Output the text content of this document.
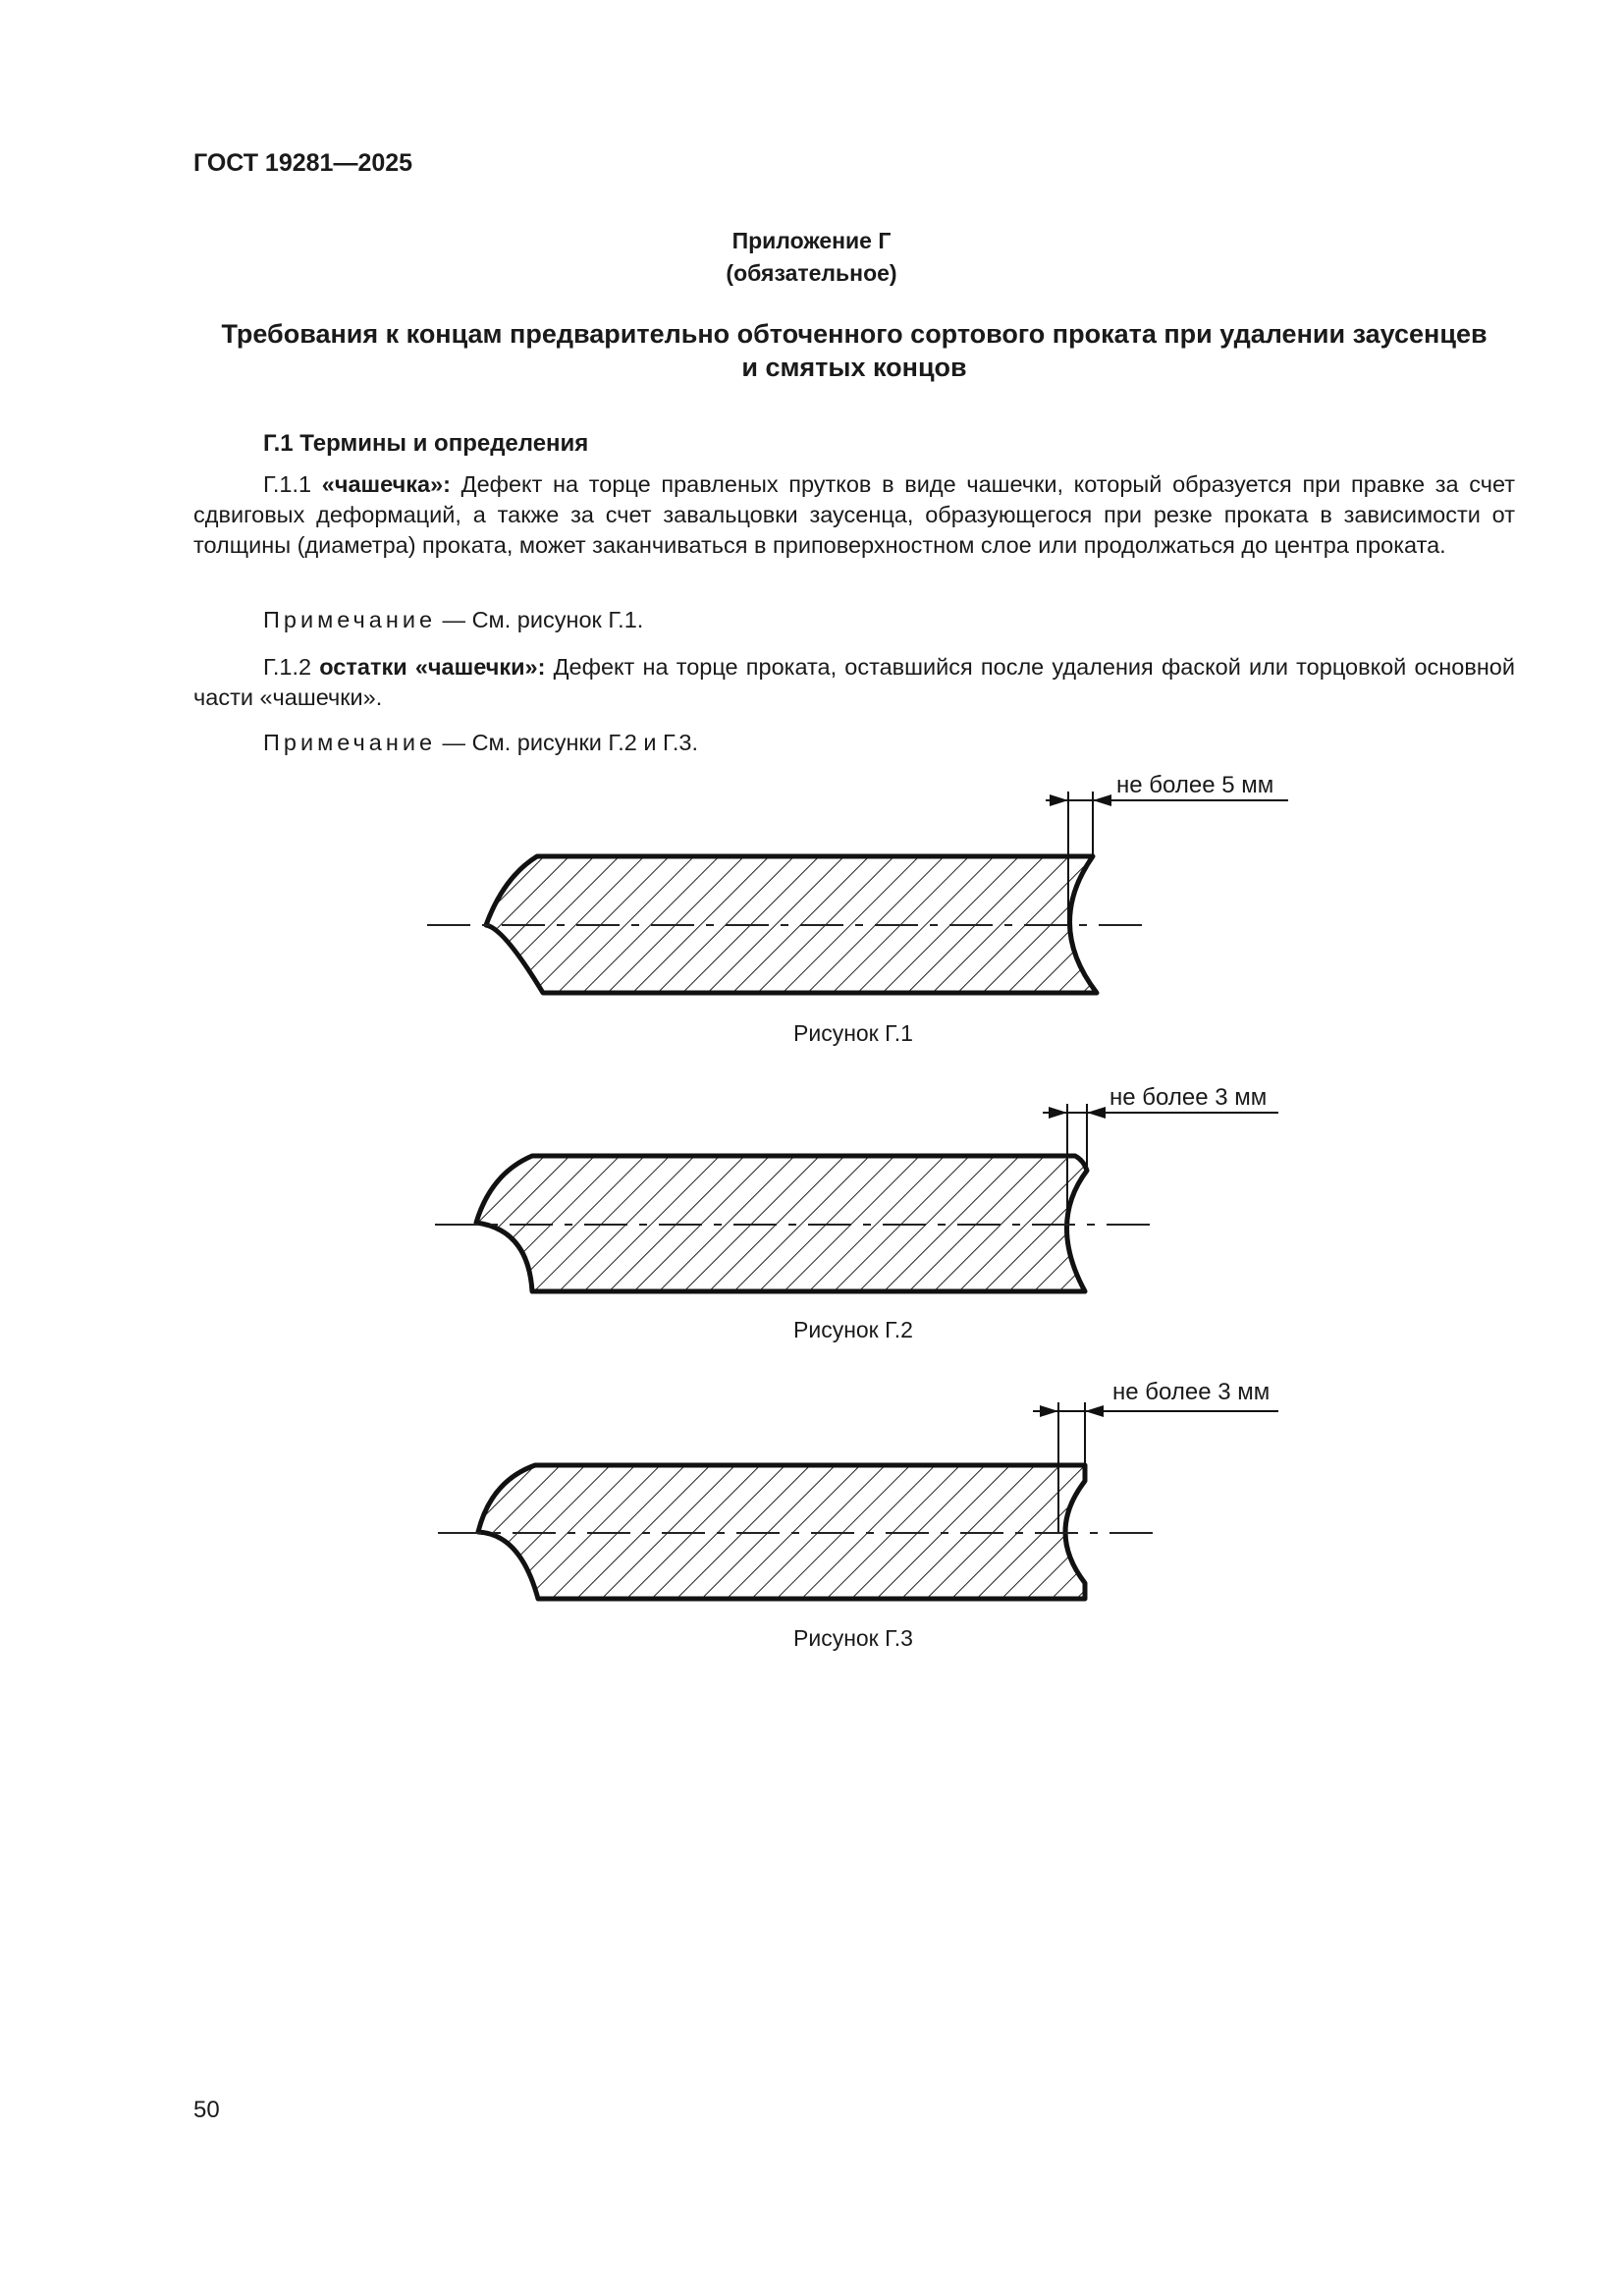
ГОСТ 19281—2025
Приложение Г
(обязательное)
Требования к концам предварительно обточенного сортового проката при удалении заусенцев
и смятых концов
Г.1 Термины и определения
Г.1.1 «чашечка»: Дефект на торце правленых прутков в виде чашечки, который образуется при правке за счет сдвиговых деформаций, а также за счет завальцовки заусенца, образующегося при резке проката в зависимости от толщины (диаметра) проката, может заканчиваться в приповерхностном слое или продолжаться до центра проката.
Примечание — См. рисунок Г.1.
Г.1.2 остатки «чашечки»: Дефект на торце проката, оставшийся после удаления фаской или торцовкой основной части «чашечки».
Примечание — См. рисунки Г.2 и Г.3.
не более 5 мм
Рисунок Г.1
не более 3 мм
Рисунок Г.2
не более 3 мм
Рисунок Г.3
50
